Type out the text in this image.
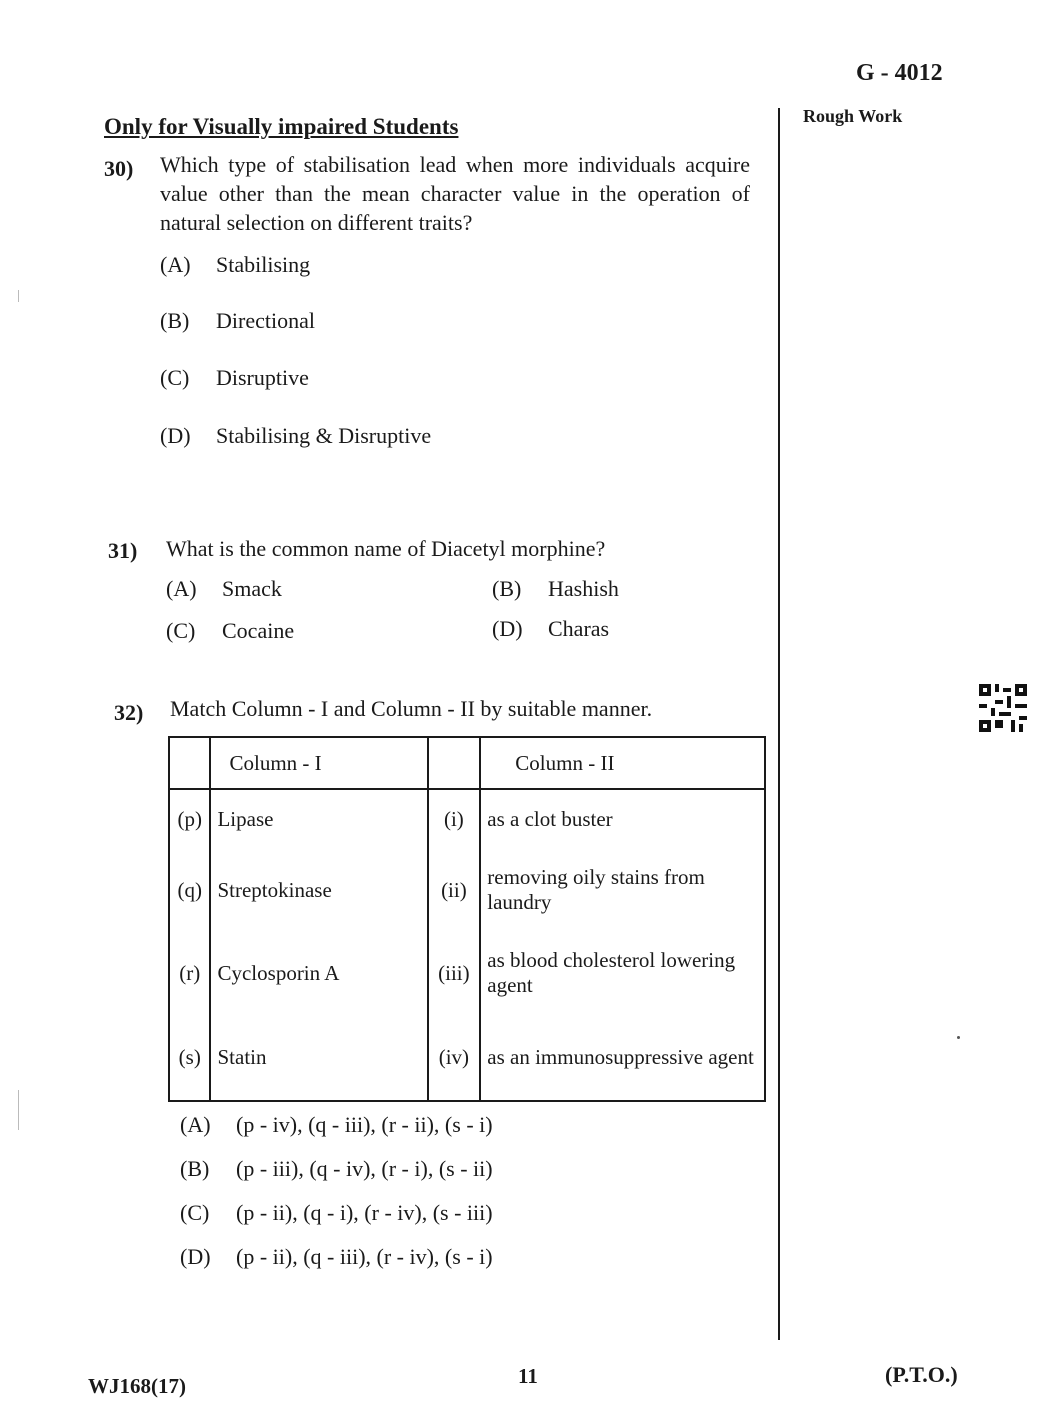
G - 4012
Rough Work
Only for Visually impaired Students
30) Which type of stabilisation lead when more individuals acquire value other than the mean character value in the operation of natural selection on different traits?
(A) Stabilising
(B) Directional
(C) Disruptive
(D) Stabilising & Disruptive
31) What is the common name of Diacetyl morphine?
(A) Smack	(B) Hashish
(C) Cocaine	(D) Charas
32) Match Column - I and Column - II by suitable manner.
	Column - I		Column - II
(p)	Lipase	(i)	as a clot buster
(q)	Streptokinase	(ii)	removing oily stains from laundry
(r)	Cyclosporin A	(iii)	as blood cholesterol lowering agent
(s)	Statin	(iv)	as an immunosuppressive agent
(A) (p - iv), (q - iii), (r - ii), (s - i)
(B) (p - iii), (q - iv), (r - i), (s - ii)
(C) (p - ii), (q - i), (r - iv), (s - iii)
(D) (p - ii), (q - iii), (r - iv), (s - i)
WJ168(17)	11	(P.T.O.)
